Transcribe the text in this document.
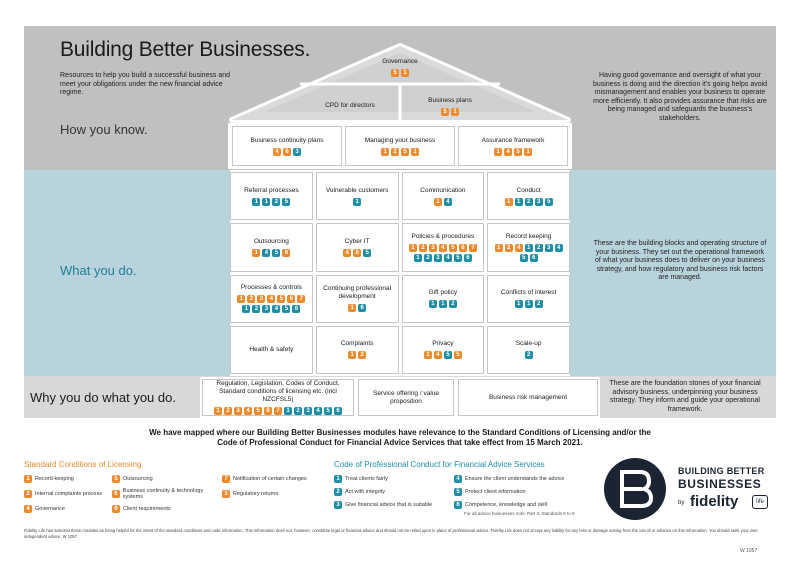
Building Better Businesses.
Resources to help you build a successful business and meet your obligations under the new financial advice regime.
How you know.
What you do.
Why you do what you do.
Having good governance and oversight of what your business is doing and the direction it's going helps avoid mismanagement and enables your business to operate more efficiently. It also provides assurance that risks are being managed and safeguards the business's stakeholders.
These are the building blocks and operating structure of your business. They set out the operational framework of what your business does to deliver on your business strategy, and how regulatory and business risk factors are managed.
These are the foundation stones of your financial advisory business, underpinning your business strategy. They inform and guide your operational framework.
Governance
5	1
CPD for directors
Business plans
5	1
Business continuity plans
4	6	3
Managing your business
1	2	5	1
Assurance framework
1	4	5	1
Referral processes
1	1	2	5
Vulnerable customers
1
Communication
1	4
Conduct
1	1	2	3	5
Outsourcing
1	4	5	6
Cyber IT
4	6	5
Policies & procedures
1	2	3	4	5	6	7
1	2	3	4	5	6
Record keeping
1	2	4	1	2	3	4
5	6
Processes & controls
1	2	3	4	5	6	7
1	2	3	4	5	6
Continuing professional development
1	6
Gift policy
1	1	2
Conflicts of interest
1	1	2
Health & safety
Complaints
1	2
Privacy
1	4	5	5
Scale-up
2
Regulation, Legislation, Codes of Conduct, Standard conditions of licensing etc. (incl NZCFSL5)
1	2	3	4	5	6	7	1	2	3	4	5	6
Service offering / value proposition
Business risk management
We have mapped where our Building Better Businesses modules have relevance to the Standard Conditions of Licensing and/or the Code of Professional Conduct for Financial Advice Services that take effect from 15 March 2021.
Standard Conditions of Licensing.
1 Record-keeping	5 Outsourcing	7 Notification of certain changes
2 Internal complaints process	6 Business continuity & technology systems	3 Regulatory returns
4 Governance	6 Client requirements
Code of Professional Conduct for Financial Advice Services
1 Treat clients fairly	4 Ensure the client understands the advice
2 Act with integrity	5 Protect client information
3 Give financial advice that is suitable	6 Competence, knowledge and skill
For all advice businesses note: Part 3, Standards 6 to 9
BUILDING BETTER
BUSINESSES
by fidelity	life
Fidelity Life has selected these modules as being helpful for the intent of the standard conditions and code information. This information does not, however, constitute legal or financial advice and should not be relied upon in place of professional advice. Fidelity Life does not accept any liability for any loss or damage arising from the use of or reliance on this information. You should seek your own independent advice. W 1057
W 1057
